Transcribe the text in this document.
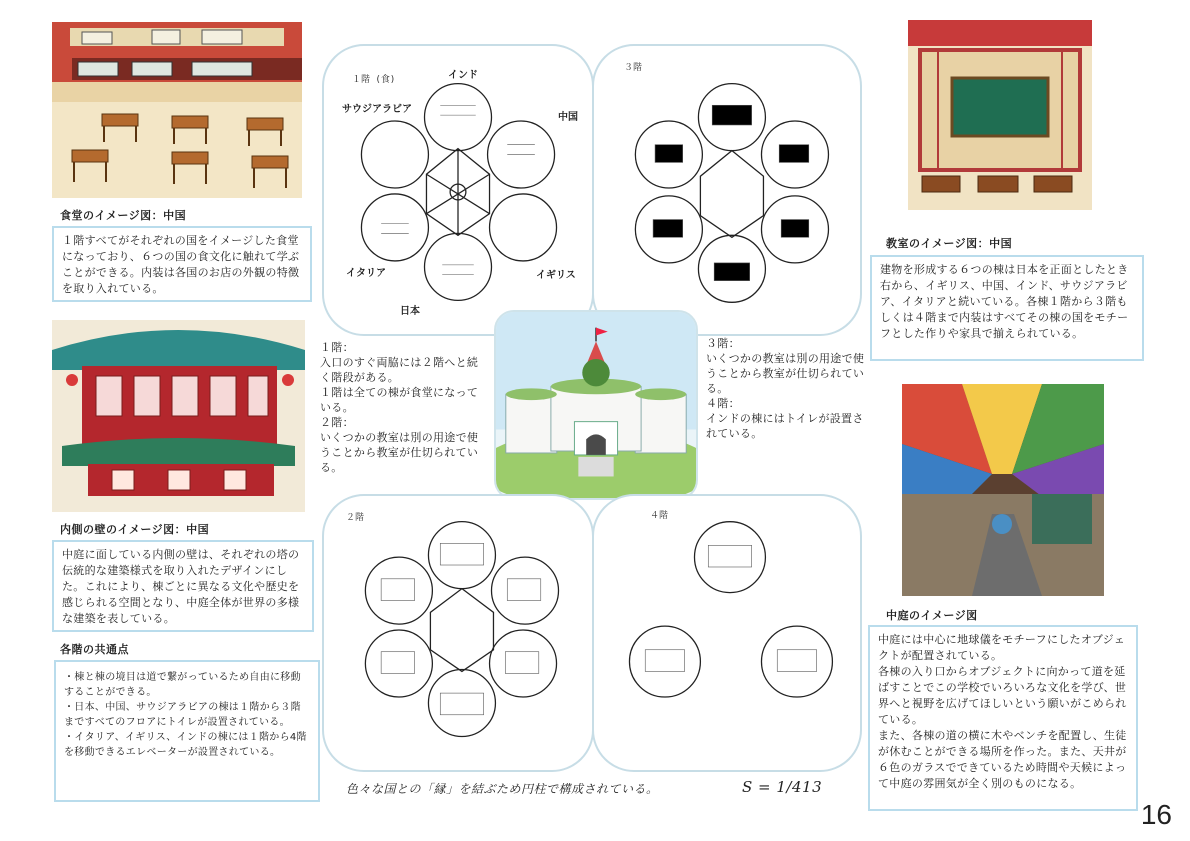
食堂のイメージ図：中国
１階すべてがそれぞれの国をイメージした食堂になっており、６つの国の食文化に触れて学ぶことができる。内装は各国のお店の外観の特徴を取り入れている。
内側の壁のイメージ図：中国
中庭に面している内側の壁は、それぞれの塔の伝統的な建築様式を取り入れたデザインにした。これにより、棟ごとに異なる文化や歴史を感じられる空間となり、中庭全体が世界の多様な建築を表している。
各階の共通点
・棟と棟の境目は道で繋がっているため自由に移動することができる。
・日本、中国、サウジアラビアの棟は１階から３階まですべてのフロアにトイレが設置されている。
・イタリア、イギリス、インドの棟には１階から4階を移動できるエレベーターが設置されている。
１階 (食)	インド
サウジアラビア
中国
イタリア	イギリス
日本
３階
１階：
入口のすぐ両脇には２階へと続く階段がある。
１階は全ての棟が食堂になっている。
２階：
いくつかの教室は別の用途で使うことから教室が仕切られている。
３階：
いくつかの教室は別の用途で使うことから教室が仕切られている。
４階：
インドの棟にはトイレが設置されている。
２階	４階
色々な国との「縁」を結ぶため円柱で構成されている。	S = 1/413
教室のイメージ図：中国
建物を形成する６つの棟は日本を正面としたとき右から、イギリス、中国、インド、サウジアラビア、イタリアと続いている。各棟１階から３階もしくは４階まで内装はすべてその棟の国をモチーフとした作りや家具で揃えられている。
中庭のイメージ図
中庭には中心に地球儀をモチーフにしたオブジェクトが配置されている。
各棟の入り口からオブジェクトに向かって道を延ばすことでこの学校でいろいろな文化を学び、世界へと視野を広げてほしいという願いがこめられている。
また、各棟の道の横に木やベンチを配置し、生徒が休むことができる場所を作った。また、天井が６色のガラスでできているため時間や天候によって中庭の雰囲気が全く別のものになる。
16
